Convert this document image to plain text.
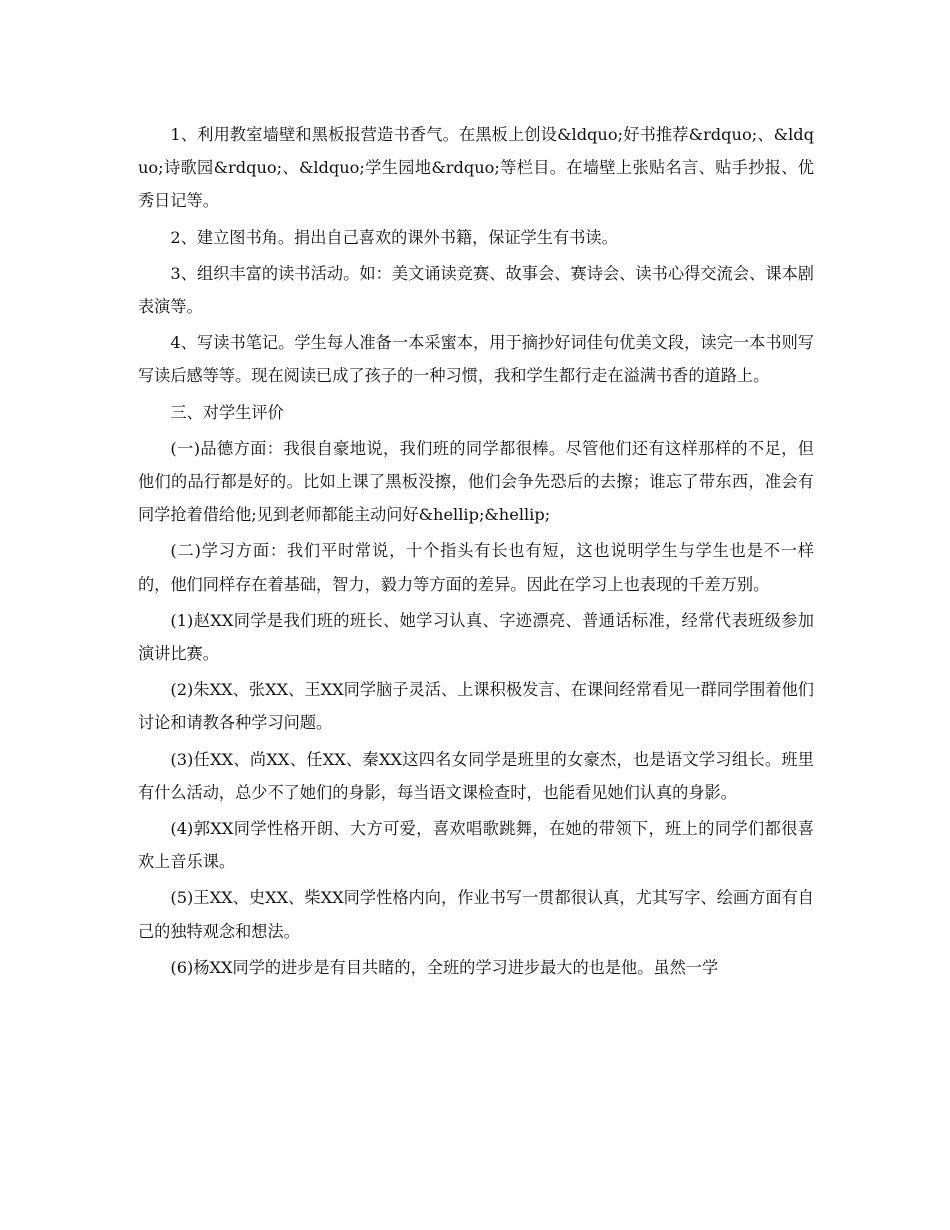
1、利用教室墙壁和黑板报营造书香气。在黑板上创设&ldquo;好书推荐&rdquo;、&ldquo;诗歌园&rdquo;、&ldquo;学生园地&rdquo;等栏目。在墙壁上张贴名言、贴手抄报、优秀日记等。

2、建立图书角。捐出自己喜欢的课外书籍，保证学生有书读。

3、组织丰富的读书活动。如：美文诵读竞赛、故事会、赛诗会、读书心得交流会、课本剧表演等。

4、写读书笔记。学生每人准备一本采蜜本，用于摘抄好词佳句优美文段，读完一本书则写写读后感等等。现在阅读已成了孩子的一种习惯，我和学生都行走在溢满书香的道路上。

三、对学生评价

(一)品德方面：我很自豪地说，我们班的同学都很棒。尽管他们还有这样那样的不足，但他们的品行都是好的。比如上课了黑板没擦，他们会争先恐后的去擦；谁忘了带东西，准会有同学抢着借给他;见到老师都能主动问好&hellip;&hellip;

(二)学习方面：我们平时常说，十个指头有长也有短，这也说明学生与学生也是不一样的，他们同样存在着基础，智力，毅力等方面的差异。因此在学习上也表现的千差万别。

(1)赵XX同学是我们班的班长、她学习认真、字迹漂亮、普通话标准，经常代表班级参加演讲比赛。

(2)朱XX、张XX、王XX同学脑子灵活、上课积极发言、在课间经常看见一群同学围着他们讨论和请教各种学习问题。

(3)任XX、尚XX、任XX、秦XX这四名女同学是班里的女豪杰，也是语文学习组长。班里有什么活动，总少不了她们的身影，每当语文课检查时，也能看见她们认真的身影。

(4)郭XX同学性格开朗、大方可爱，喜欢唱歌跳舞，在她的带领下，班上的同学们都很喜欢上音乐课。

(5)王XX、史XX、柴XX同学性格内向，作业书写一贯都很认真，尤其写字、绘画方面有自己的独特观念和想法。

(6)杨XX同学的进步是有目共睹的，全班的学习进步最大的也是他。虽然一学
